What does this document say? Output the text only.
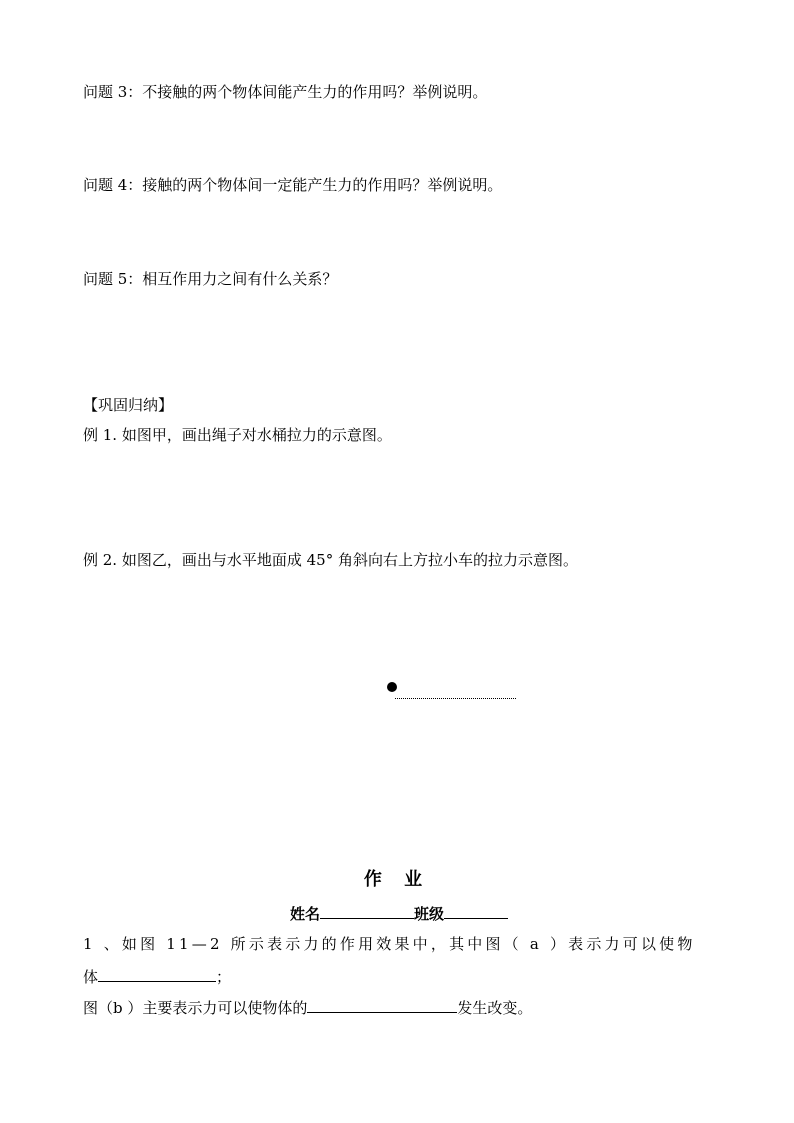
问题 3：不接触的两个物体间能产生力的作用吗？举例说明。
问题 4：接触的两个物体间一定能产生力的作用吗？举例说明。
问题 5：相互作用力之间有什么关系？
【巩固归纳】
例 1. 如图甲，画出绳子对水桶拉力的示意图。
例 2. 如图乙，画出与水平地面成 45° 角斜向右上方拉小车的拉力示意图。
作 业
姓名	班级
1 、如图 11—2 所示表示力的作用效果中，其中图（ a ）表示力可以使物
体	；
图（b ）主要表示力可以使物体的	发生改变。
